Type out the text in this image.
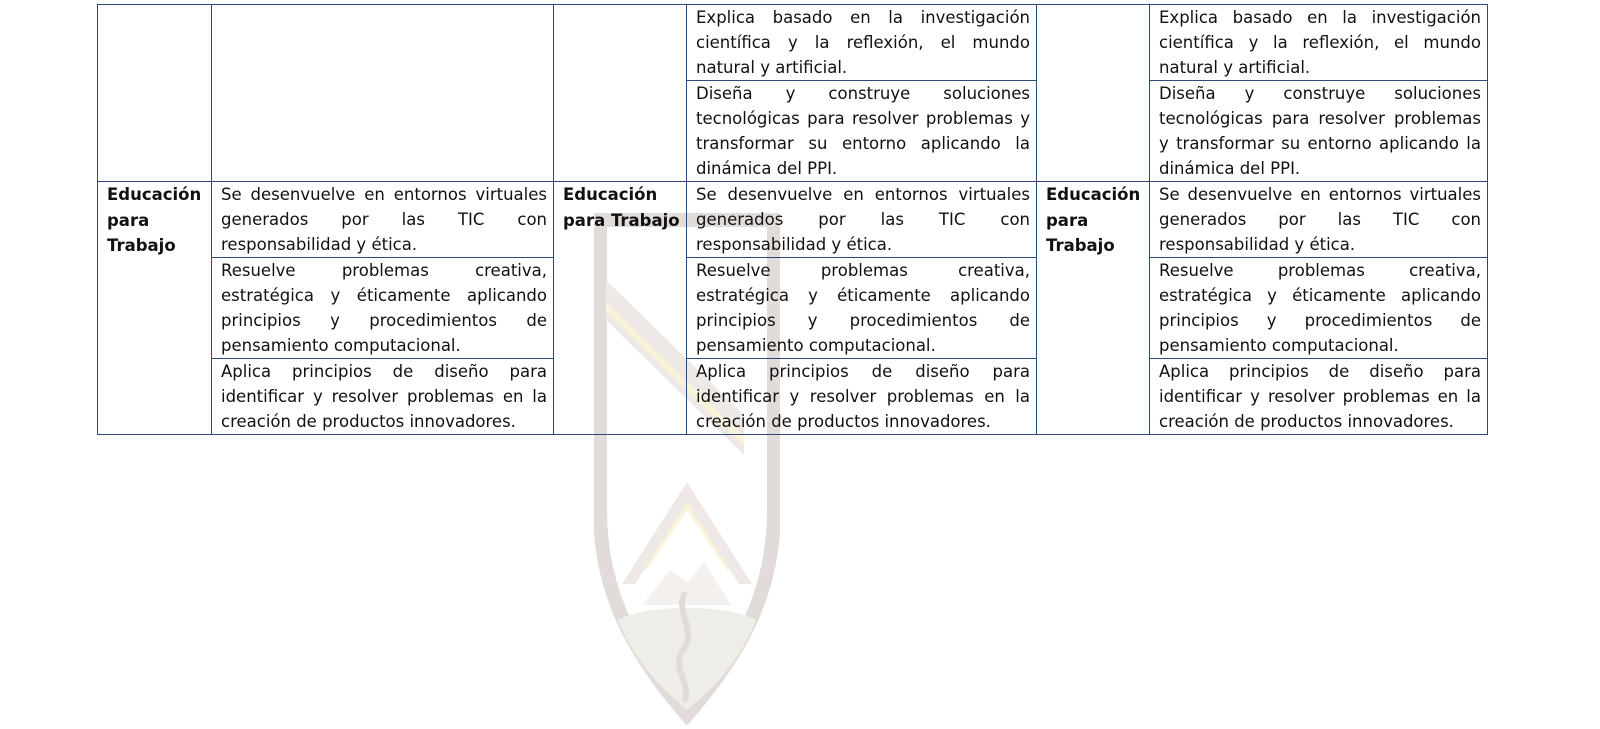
			Explica basado en la investigación científica y la reflexión, el mundo natural y artificial.		Explica basado en la investigación científica y la reflexión, el mundo natural y artificial.
			Diseña y construye soluciones tecnológicas para resolver problemas y transformar su entorno aplicando la dinámica del PPI.		Diseña y construye soluciones tecnológicas para resolver problemas y transformar su entorno aplicando la dinámica del PPI.
Educación para Trabajo	Se desenvuelve en entornos virtuales generados por las TIC con responsabilidad y ética.	Educación para Trabajo	Se desenvuelve en entornos virtuales generados por las TIC con responsabilidad y ética.	Educación para Trabajo	Se desenvuelve en entornos virtuales generados por las TIC con responsabilidad y ética.
	Resuelve problemas creativa, estratégica y éticamente aplicando principios y procedimientos de pensamiento computacional.		Resuelve problemas creativa, estratégica y éticamente aplicando principios y procedimientos de pensamiento computacional.		Resuelve problemas creativa, estratégica y éticamente aplicando principios y procedimientos de pensamiento computacional.
	Aplica principios de diseño para identificar y resolver problemas en la creación de productos innovadores.		Aplica principios de diseño para identificar y resolver problemas en la creación de productos innovadores.		Aplica principios de diseño para identificar y resolver problemas en la creación de productos innovadores.
